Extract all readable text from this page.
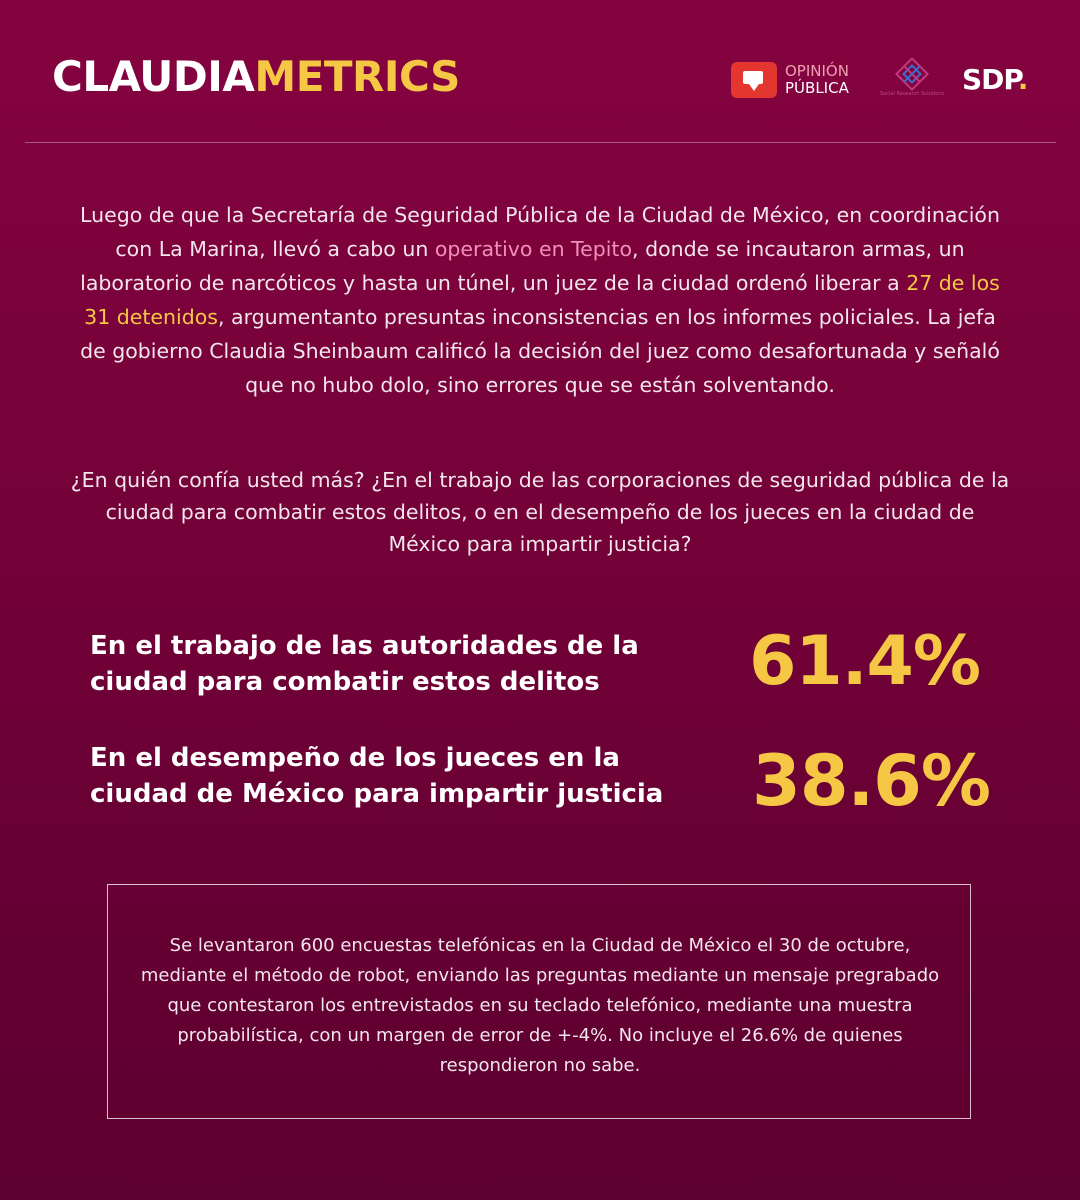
CLAUDIAMETRICS	OPINIÓN
PÚBLICA	Social Research Solutions SDP.
Luego de que la Secretaría de Seguridad Pública de la Ciudad de México, en coordinación con La Marina, llevó a cabo un operativo en Tepito, donde se incautaron armas, un laboratorio de narcóticos y hasta un túnel, un juez de la ciudad ordenó liberar a 27 de los 31 detenidos, argumentanto presuntas inconsistencias en los informes policiales. La jefa de gobierno Claudia Sheinbaum calificó la decisión del juez como desafortunada y señaló que no hubo dolo, sino errores que se están solventando.
¿En quién confía usted más? ¿En el trabajo de las corporaciones de seguridad pública de la ciudad para combatir estos delitos, o en el desempeño de los jueces en la ciudad de México para impartir justicia?
En el trabajo de las autoridades de la ciudad para combatir estos delitos	61.4%
En el desempeño de los jueces en la ciudad de México para impartir justicia	38.6%
Se levantaron 600 encuestas telefónicas en la Ciudad de México el 30 de octubre, mediante el método de robot, enviando las preguntas mediante un mensaje pregrabado que contestaron los entrevistados en su teclado telefónico, mediante una muestra probabilística, con un margen de error de +-4%. No incluye el 26.6% de quienes respondieron no sabe.
